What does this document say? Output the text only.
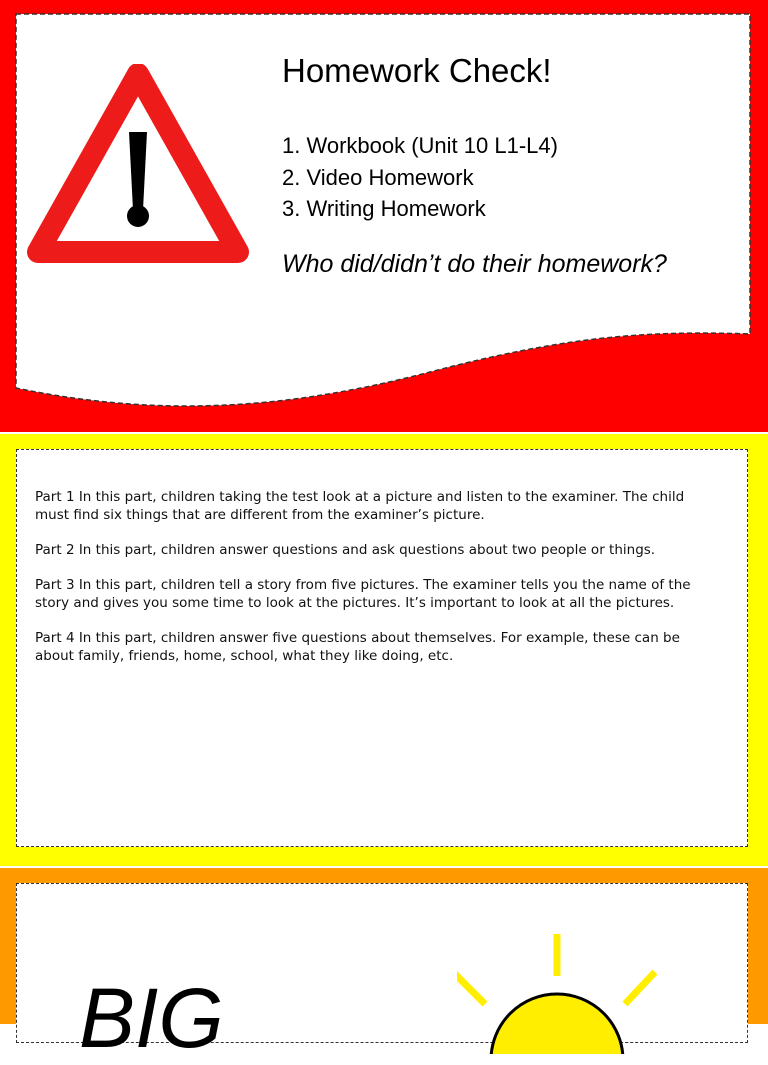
Homework Check!
1. Workbook (Unit 10 L1-L4)
2. Video Homework
3. Writing Homework

Who did/didn’t do their homework?

Part 1 In this part, children taking the test look at a picture and listen to the examiner. The child must find six things that are different from the examiner’s picture.
Part 2 In this part, children answer questions and ask questions about two people or things.
Part 3 In this part, children tell a story from five pictures. The examiner tells you the name of the story and gives you some time to look at the pictures. It’s important to look at all the pictures.
Part 4 In this part, children answer five questions about themselves. For example, these can be about family, friends, home, school, what they like doing, etc.

BIG
